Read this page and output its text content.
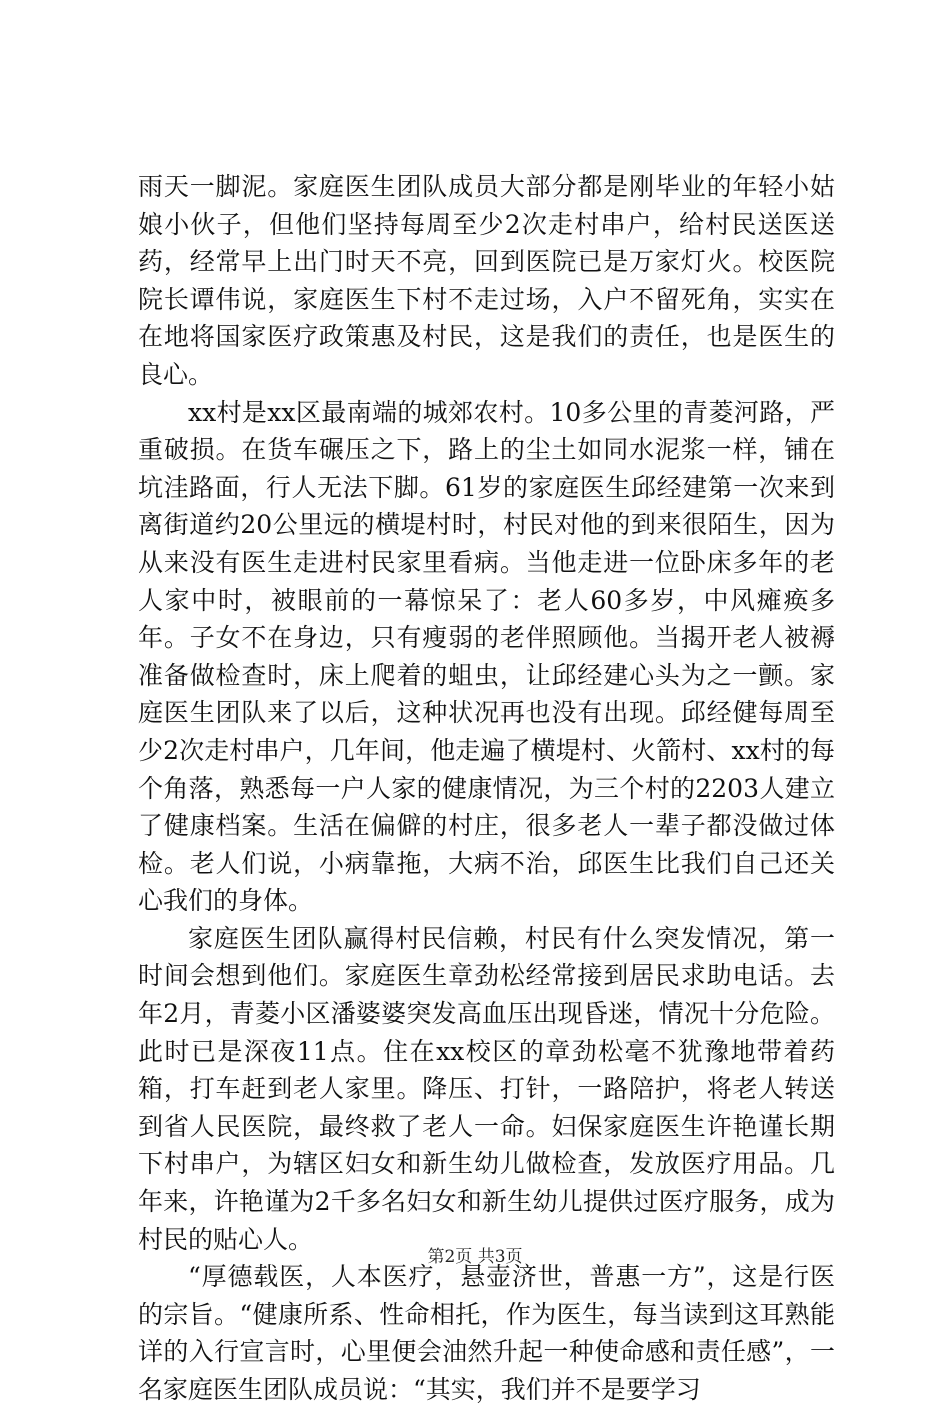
雨天一脚泥。家庭医生团队成员大部分都是刚毕业的年轻小姑娘小伙子，但他们坚持每周至少2次走村串户，给村民送医送药，经常早上出门时天不亮，回到医院已是万家灯火。校医院院长谭伟说，家庭医生下村不走过场，入户不留死角，实实在在地将国家医疗政策惠及村民，这是我们的责任，也是医生的良心。

xx村是xx区最南端的城郊农村。10多公里的青菱河路，严重破损。在货车碾压之下，路上的尘土如同水泥浆一样，铺在坑洼路面，行人无法下脚。61岁的家庭医生邱经建第一次来到离街道约20公里远的横堤村时，村民对他的到来很陌生，因为从来没有医生走进村民家里看病。当他走进一位卧床多年的老人家中时，被眼前的一幕惊呆了：老人60多岁，中风瘫痪多年。子女不在身边，只有瘦弱的老伴照顾他。当揭开老人被褥准备做检查时，床上爬着的蛆虫，让邱经建心头为之一颤。家庭医生团队来了以后，这种状况再也没有出现。邱经健每周至少2次走村串户，几年间，他走遍了横堤村、火箭村、xx村的每个角落，熟悉每一户人家的健康情况，为三个村的2203人建立了健康档案。生活在偏僻的村庄，很多老人一辈子都没做过体检。老人们说，小病靠拖，大病不治，邱医生比我们自己还关心我们的身体。

家庭医生团队赢得村民信赖，村民有什么突发情况，第一时间会想到他们。家庭医生章劲松经常接到居民求助电话。去年2月，青菱小区潘婆婆突发高血压出现昏迷，情况十分危险。此时已是深夜11点。住在xx校区的章劲松毫不犹豫地带着药箱，打车赶到老人家里。降压、打针，一路陪护，将老人转送到省人民医院，最终救了老人一命。妇保家庭医生许艳谨长期下村串户，为辖区妇女和新生幼儿做检查，发放医疗用品。几年来，许艳谨为2千多名妇女和新生幼儿提供过医疗服务，成为村民的贴心人。

“厚德载医，人本医疗，悬壶济世，普惠一方”，这是行医的宗旨。“健康所系、性命相托，作为医生，每当读到这耳熟能详的入行宣言时，心里便会油然升起一种使命感和责任感”，一名家庭医生团队成员说：“其实，我们并不是要学习

第2页 共3页
